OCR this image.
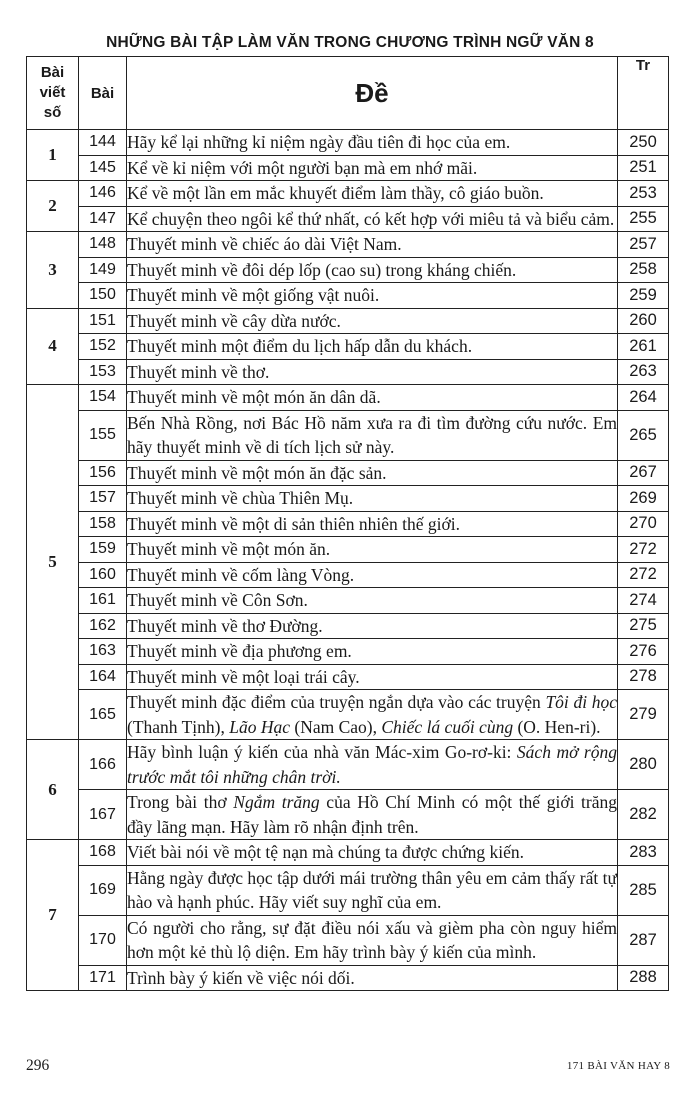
NHỮNG BÀI TẬP LÀM VĂN TRONG CHƯƠNG TRÌNH NGỮ VĂN 8
Bài
viết
số	Bài	Đề	Tr
1	144	Hãy kể lại những kỉ niệm ngày đầu tiên đi học của em.	250
	145	Kể về kỉ niệm với một người bạn mà em nhớ mãi.	251
2	146	Kể về một lần em mắc khuyết điểm làm thầy, cô giáo buồn.	253
	147	Kể chuyện theo ngôi kể thứ nhất, có kết hợp với miêu tả và biểu cảm.	255
3	148	Thuyết minh về chiếc áo dài Việt Nam.	257
	149	Thuyết minh về đôi dép lốp (cao su) trong kháng chiến.	258
	150	Thuyết minh về một giống vật nuôi.	259
4	151	Thuyết minh về cây dừa nước.	260
	152	Thuyết minh một điểm du lịch hấp dẫn du khách.	261
	153	Thuyết minh về thơ.	263
5	154	Thuyết minh về một món ăn dân dã.	264
	155	Bến Nhà Rồng, nơi Bác Hồ năm xưa ra đi tìm đường cứu nước. Em hãy thuyết minh về di tích lịch sử này.	265
	156	Thuyết minh về một món ăn đặc sản.	267
	157	Thuyết minh về chùa Thiên Mụ.	269
	158	Thuyết minh về một di sản thiên nhiên thế giới.	270
	159	Thuyết minh về một món ăn.	272
	160	Thuyết minh về cốm làng Vòng.	272
	161	Thuyết minh về Côn Sơn.	274
	162	Thuyết minh về thơ Đường.	275
	163	Thuyết minh về địa phương em.	276
	164	Thuyết minh về một loại trái cây.	278
	165	Thuyết minh đặc điểm của truyện ngắn dựa vào các truyện Tôi đi học (Thanh Tịnh), Lão Hạc (Nam Cao), Chiếc lá cuối cùng (O. Hen-ri).	279
6	166	Hãy bình luận ý kiến của nhà văn Mác-xim Go-rơ-ki: Sách mở rộng trước mắt tôi những chân trời.	280
	167	Trong bài thơ Ngắm trăng của Hồ Chí Minh có một thế giới trăng đầy lãng mạn. Hãy làm rõ nhận định trên.	282
7	168	Viết bài nói về một tệ nạn mà chúng ta được chứng kiến.	283
	169	Hằng ngày được học tập dưới mái trường thân yêu em cảm thấy rất tự hào và hạnh phúc. Hãy viết suy nghĩ của em.	285
	170	Có người cho rằng, sự đặt điều nói xấu và gièm pha còn nguy hiểm hơn một kẻ thù lộ diện. Em hãy trình bày ý kiến của mình.	287
	171	Trình bày ý kiến về việc nói dối.	288
296	171 BÀI VĂN HAY 8
